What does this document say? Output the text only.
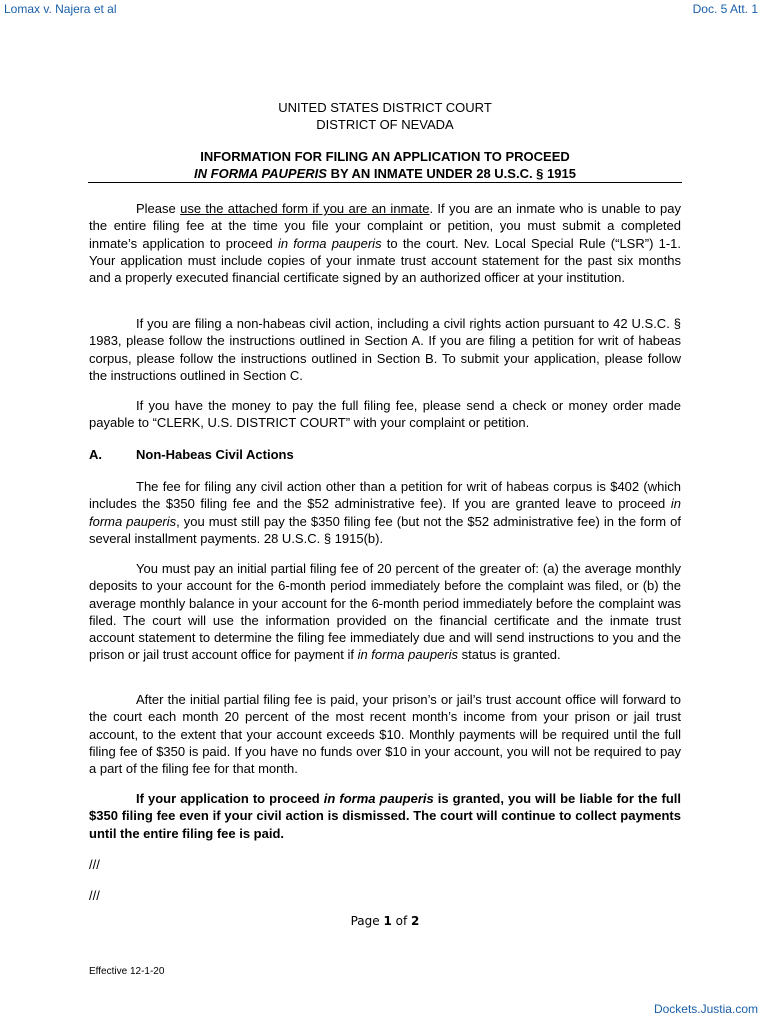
Lomax v. Najera et al	Doc. 5 Att. 1
UNITED STATES DISTRICT COURT
DISTRICT OF NEVADA
INFORMATION FOR FILING AN APPLICATION TO PROCEED
IN FORMA PAUPERIS BY AN INMATE UNDER 28 U.S.C. § 1915
Please use the attached form if you are an inmate. If you are an inmate who is unable to pay the entire filing fee at the time you file your complaint or petition, you must submit a completed inmate’s application to proceed in forma pauperis to the court. Nev. Local Special Rule (“LSR”) 1-1. Your application must include copies of your inmate trust account statement for the past six months and a properly executed financial certificate signed by an authorized officer at your institution.
If you are filing a non-habeas civil action, including a civil rights action pursuant to 42 U.S.C. § 1983, please follow the instructions outlined in Section A. If you are filing a petition for writ of habeas corpus, please follow the instructions outlined in Section B. To submit your application, please follow the instructions outlined in Section C.
If you have the money to pay the full filing fee, please send a check or money order made payable to “CLERK, U.S. DISTRICT COURT” with your complaint or petition.
A.	Non-Habeas Civil Actions
The fee for filing any civil action other than a petition for writ of habeas corpus is $402 (which includes the $350 filing fee and the $52 administrative fee). If you are granted leave to proceed in forma pauperis, you must still pay the $350 filing fee (but not the $52 administrative fee) in the form of several installment payments. 28 U.S.C. § 1915(b).
You must pay an initial partial filing fee of 20 percent of the greater of: (a) the average monthly deposits to your account for the 6-month period immediately before the complaint was filed, or (b) the average monthly balance in your account for the 6-month period immediately before the complaint was filed. The court will use the information provided on the financial certificate and the inmate trust account statement to determine the filing fee immediately due and will send instructions to you and the prison or jail trust account office for payment if in forma pauperis status is granted.
After the initial partial filing fee is paid, your prison’s or jail’s trust account office will forward to the court each month 20 percent of the most recent month’s income from your prison or jail trust account, to the extent that your account exceeds $10. Monthly payments will be required until the full filing fee of $350 is paid. If you have no funds over $10 in your account, you will not be required to pay a part of the filing fee for that month.
If your application to proceed in forma pauperis is granted, you will be liable for the full $350 filing fee even if your civil action is dismissed. The court will continue to collect payments until the entire filing fee is paid.
///
///
Page 1 of 2
Effective 12-1-20
Dockets.Justia.com
